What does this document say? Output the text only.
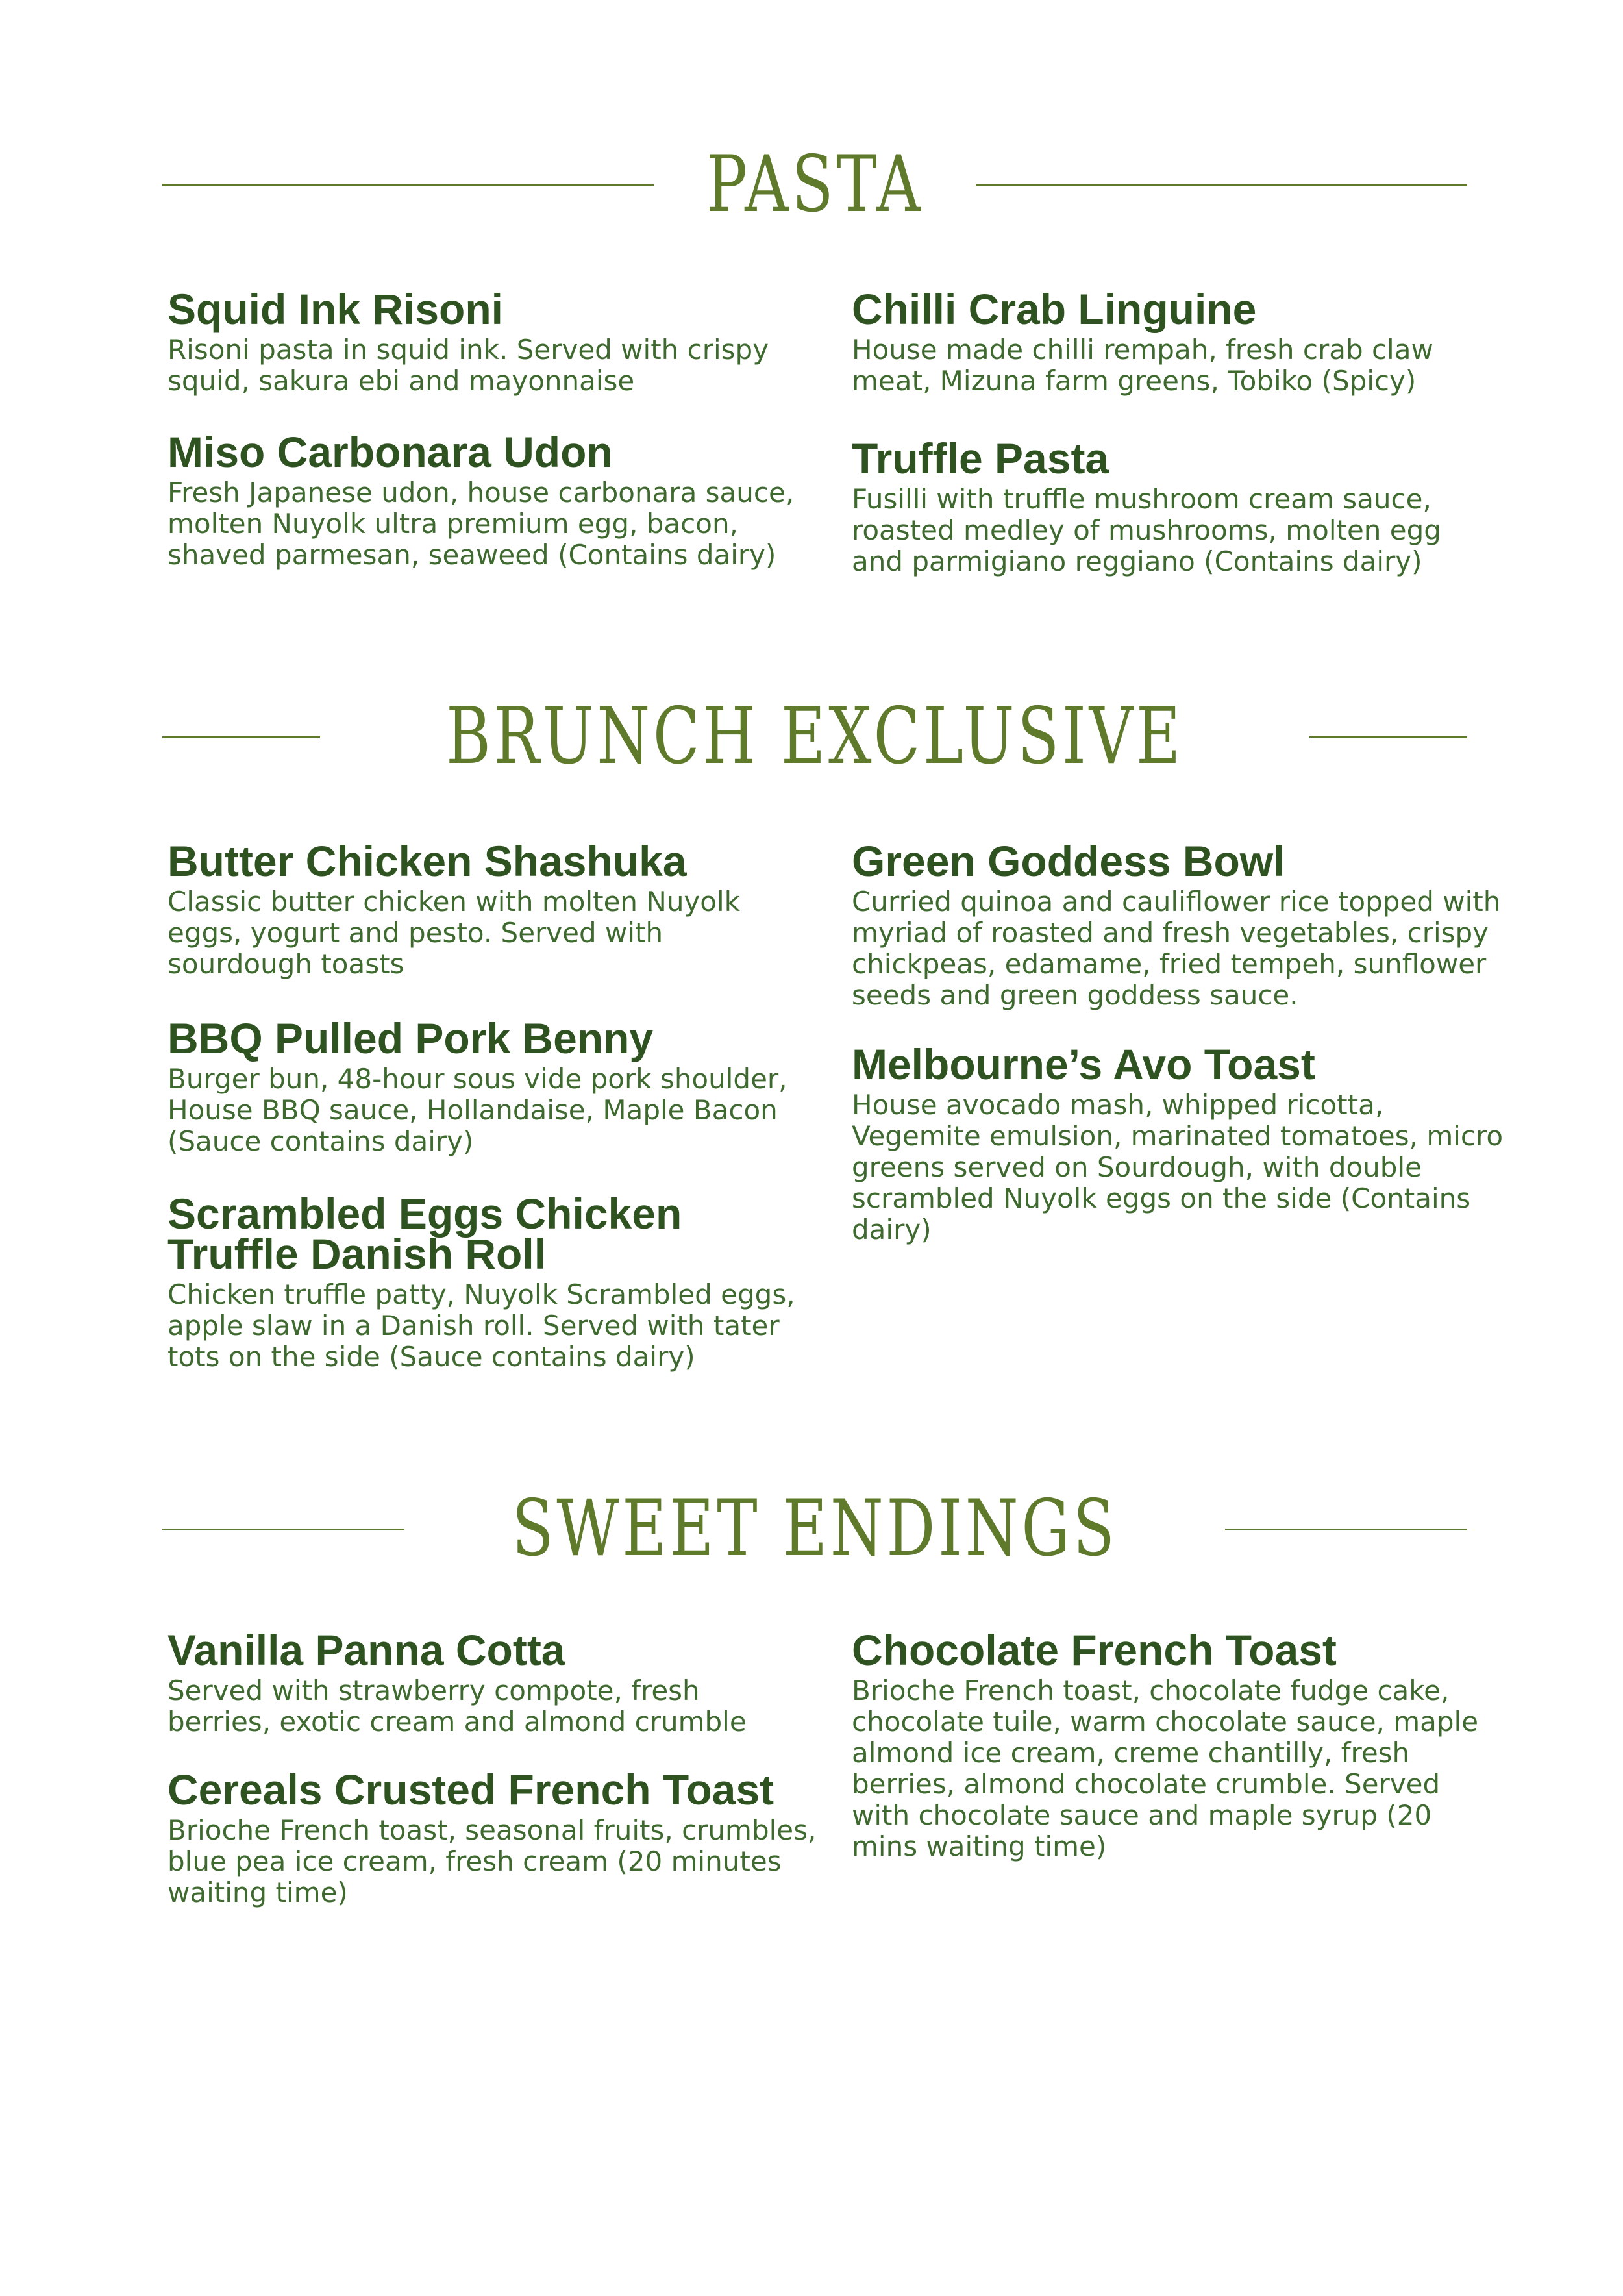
PASTA
Squid Ink Risoni
Risoni pasta in squid ink. Served with crispy squid, sakura ebi and mayonnaise
Miso Carbonara Udon
Fresh Japanese udon, house carbonara sauce, molten Nuyolk ultra premium egg, bacon, shaved parmesan, seaweed (Contains dairy)
Chilli Crab Linguine
House made chilli rempah, fresh crab claw meat, Mizuna farm greens, Tobiko (Spicy)
Truffle Pasta
Fusilli with truffle mushroom cream sauce, roasted medley of mushrooms, molten egg and parmigiano reggiano (Contains dairy)
BRUNCH EXCLUSIVE
Butter Chicken Shashuka
Classic butter chicken with molten Nuyolk eggs, yogurt and pesto. Served with sourdough toasts
BBQ Pulled Pork Benny
Burger bun, 48-hour sous vide pork shoulder, House BBQ sauce, Hollandaise, Maple Bacon (Sauce contains dairy)
Scrambled Eggs Chicken Truffle Danish Roll
Chicken truffle patty, Nuyolk Scrambled eggs, apple slaw in a Danish roll. Served with tater tots on the side (Sauce contains dairy)
Green Goddess Bowl
Curried quinoa and cauliflower rice topped with myriad of roasted and fresh vegetables, crispy chickpeas, edamame, fried tempeh, sunflower seeds and green goddess sauce.
Melbourne’s Avo Toast
House avocado mash, whipped ricotta, Vegemite emulsion, marinated tomatoes, micro greens served on Sourdough, with double scrambled Nuyolk eggs on the side (Contains dairy)
SWEET ENDINGS
Vanilla Panna Cotta
Served with strawberry compote, fresh berries, exotic cream and almond crumble
Cereals Crusted French Toast
Brioche French toast, seasonal fruits, crumbles, blue pea ice cream, fresh cream (20 minutes waiting time)
Chocolate French Toast
Brioche French toast, chocolate fudge cake, chocolate tuile, warm chocolate sauce, maple almond ice cream, creme chantilly, fresh berries, almond chocolate crumble. Served with chocolate sauce and maple syrup (20 mins waiting time)
